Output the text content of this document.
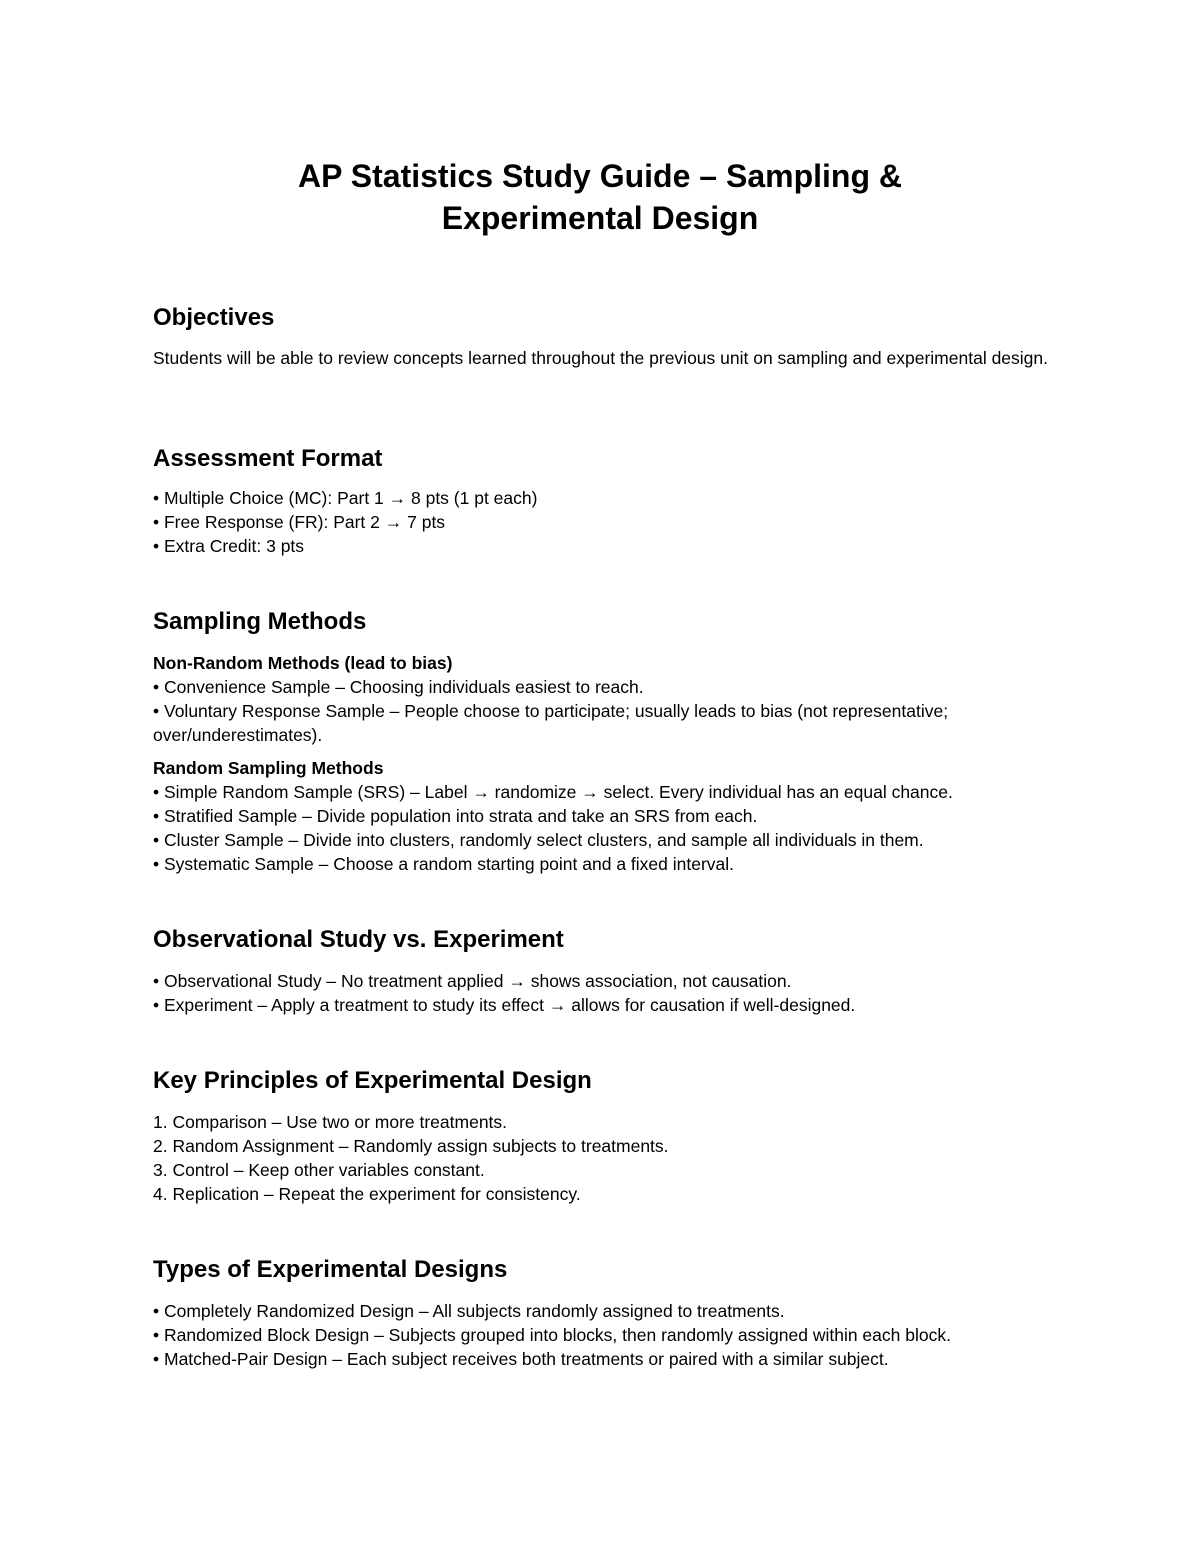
AP Statistics Study Guide – Sampling &
Experimental Design
Objectives

Students will be able to review concepts learned throughout the previous unit on sampling and experimental design.

Assessment Format
• Multiple Choice (MC): Part 1 → 8 pts (1 pt each)
• Free Response (FR): Part 2 → 7 pts
• Extra Credit: 3 pts
Sampling Methods

Non-Random Methods (lead to bias)

• Convenience Sample – Choosing individuals easiest to reach.
• Voluntary Response Sample – People choose to participate; usually leads to bias (not representative; over/underestimates).

Random Sampling Methods

• Simple Random Sample (SRS) – Label → randomize → select. Every individual has an equal chance.
• Stratified Sample – Divide population into strata and take an SRS from each.
• Cluster Sample – Divide into clusters, randomly select clusters, and sample all individuals in them.
• Systematic Sample – Choose a random starting point and a fixed interval.
Observational Study vs. Experiment
• Observational Study – No treatment applied → shows association, not causation.
• Experiment – Apply a treatment to study its effect → allows for causation if well-designed.
Key Principles of Experimental Design
1. Comparison – Use two or more treatments.
2. Random Assignment – Randomly assign subjects to treatments.
3. Control – Keep other variables constant.
4. Replication – Repeat the experiment for consistency.
Types of Experimental Designs
• Completely Randomized Design – All subjects randomly assigned to treatments.
• Randomized Block Design – Subjects grouped into blocks, then randomly assigned within each block.
• Matched-Pair Design – Each subject receives both treatments or paired with a similar subject.
